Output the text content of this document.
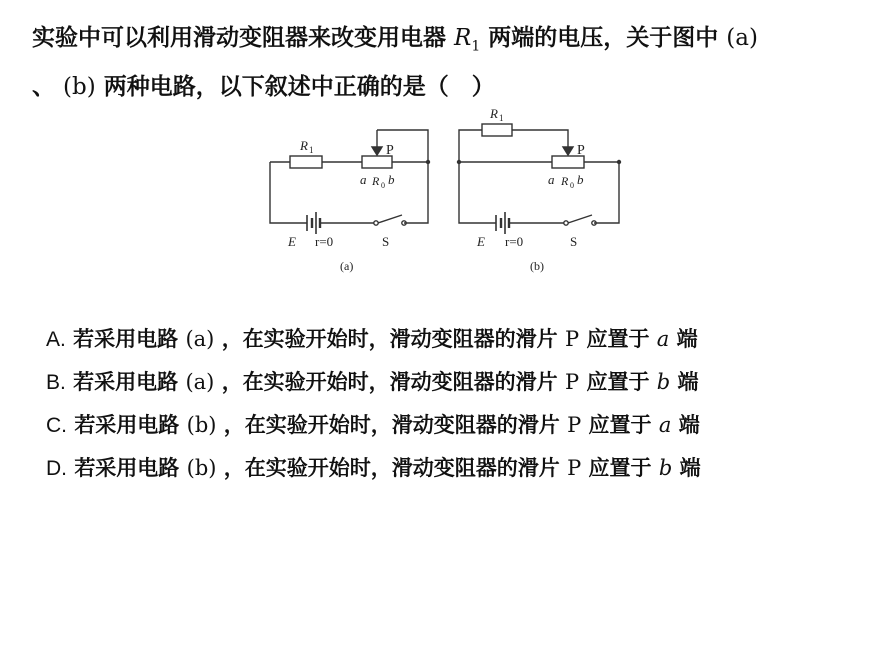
实验中可以利用滑动变阻器来改变用电器 $R_1$ 两端的电压，关于图中 (a)
、 (b) 两种电路，以下叙述中正确的是（　）
R 1	P
a R 0 b
E r=0	S
(a)
R 1
P
a R 0 b
E r=0	S
(b)
A. 若采用电路 (a) ，在实验开始时，滑动变阻器的滑片 P 应置于 a 端
B. 若采用电路 (a) ，在实验开始时，滑动变阻器的滑片 P 应置于 b 端
C. 若采用电路 (b) ，在实验开始时，滑动变阻器的滑片 P 应置于 a 端
D. 若采用电路 (b) ，在实验开始时，滑动变阻器的滑片 P 应置于 b 端
